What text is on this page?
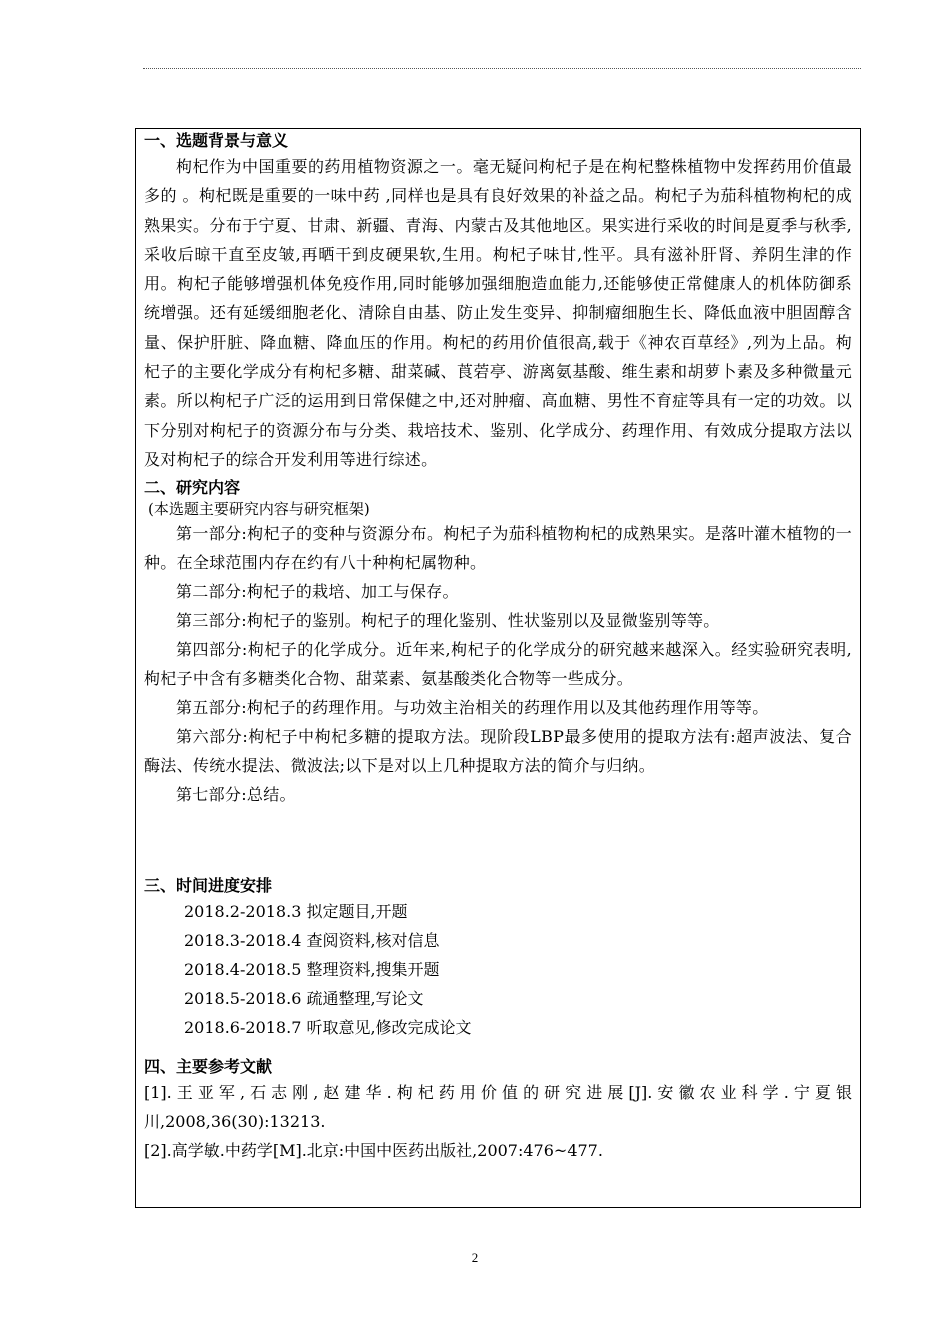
一、选题背景与意义

枸杞作为中国重要的药用植物资源之一。毫无疑问枸杞子是在枸杞整株植物中发挥药用价值最多的 。枸杞既是重要的一味中药 ,同样也是具有良好效果的补益之品。枸杞子为茄科植物枸杞的成熟果实。分布于宁夏、甘肃、新疆、青海、内蒙古及其他地区。果实进行采收的时间是夏季与秋季,采收后晾干直至皮皱,再晒干到皮硬果软,生用。枸杞子味甘,性平。具有滋补肝肾、养阴生津的作用。枸杞子能够增强机体免疫作用,同时能够加强细胞造血能力,还能够使正常健康人的机体防御系统增强。还有延缓细胞老化、清除自由基、防止发生变异、抑制瘤细胞生长、降低血液中胆固醇含量、保护肝脏、降血糖、降血压的作用。枸杞的药用价值很高,载于《神农百草经》,列为上品。枸杞子的主要化学成分有枸杞多糖、甜菜碱、莨菪亭、游离氨基酸、维生素和胡萝卜素及多种微量元素。所以枸杞子广泛的运用到日常保健之中,还对肿瘤、高血糖、男性不育症等具有一定的功效。以下分别对枸杞子的资源分布与分类、栽培技术、鉴别、化学成分、药理作用、有效成分提取方法以及对枸杞子的综合开发利用等进行综述。

二、研究内容

(本选题主要研究内容与研究框架)

第一部分:枸杞子的变种与资源分布。枸杞子为茄科植物枸杞的成熟果实。是落叶灌木植物的一种。在全球范围内存在约有八十种枸杞属物种。

第二部分:枸杞子的栽培、加工与保存。

第三部分:枸杞子的鉴别。枸杞子的理化鉴别、性状鉴别以及显微鉴别等等。

第四部分:枸杞子的化学成分。近年来,枸杞子的化学成分的研究越来越深入。经实验研究表明,枸杞子中含有多糖类化合物、甜菜素、氨基酸类化合物等一些成分。

第五部分:枸杞子的药理作用。与功效主治相关的药理作用以及其他药理作用等等。

第六部分:枸杞子中枸杞多糖的提取方法。现阶段LBP最多使用的提取方法有:超声波法、复合酶法、传统水提法、微波法;以下是对以上几种提取方法的简介与归纳。

第七部分:总结。

三、时间进度安排

2018.2-2018.3 拟定题目,开题

2018.3-2018.4 查阅资料,核对信息

2018.4-2018.5 整理资料,搜集开题

2018.5-2018.6 疏通整理,写论文

2018.6-2018.7 听取意见,修改完成论文

四、主要参考文献

[1].王亚军,石志刚,赵建华.枸杞药用价值的研究进展[J].安徽农业科学.宁夏银川,2008,36(30):13213.

[2].高学敏.中药学[M].北京:中国中医药出版社,2007:476~477.

2
